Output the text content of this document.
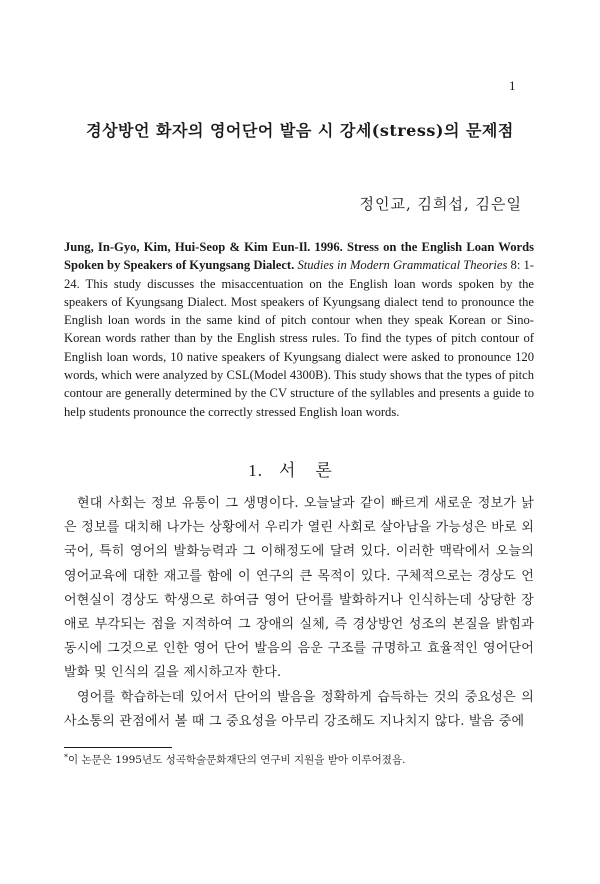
1
경상방언 화자의 영어단어 발음 시 강세(stress)의 문제점
정인교, 김희섭, 김은일
Jung, In-Gyo, Kim, Hui-Seop & Kim Eun-Il. 1996. Stress on the English Loan Words Spoken by Speakers of Kyungsang Dialect. Studies in Modern Grammatical Theories 8: 1-24. This study discusses the misaccentuation on the English loan words spoken by the speakers of Kyungsang Dialect. Most speakers of Kyungsang dialect tend to pronounce the English loan words in the same kind of pitch contour when they speak Korean or Sino-Korean words rather than by the English stress rules. To find the types of pitch contour of English loan words, 10 native speakers of Kyungsang dialect were asked to pronounce 120 words, which were analyzed by CSL(Model 4300B). This study shows that the types of pitch contour are generally determined by the CV structure of the syllables and presents a guide to help students pronounce the correctly stressed English loan words.
1. 서론

현대 사회는 정보 유통이 그 생명이다. 오늘날과 같이 빠르게 새로운 정보가 낡은 정보를 대치해 나가는 상황에서 우리가 열린 사회로 살아남을 가능성은 바로 외국어, 특히 영어의 발화능력과 그 이해정도에 달려 있다. 이러한 맥락에서 오늘의 영어교육에 대한 재고를 함에 이 연구의 큰 목적이 있다. 구체적으로는 경상도 언어현실이 경상도 학생으로 하여금 영어 단어를 발화하거나 인식하는데 상당한 장애로 부각되는 점을 지적하여 그 장애의 실체, 즉 경상방언 성조의 본질을 밝힘과 동시에 그것으로 인한 영어 단어 발음의 음운 구조를 규명하고 효율적인 영어단어 발화 및 인식의 길을 제시하고자 한다.

영어를 학습하는데 있어서 단어의 발음을 정확하게 습득하는 것의 중요성은 의사소통의 관점에서 볼 때 그 중요성을 아무리 강조해도 지나치지 않다. 발음 중에

*이 논문은 1995년도 성곡학술문화재단의 연구비 지원을 받아 이루어졌음.
